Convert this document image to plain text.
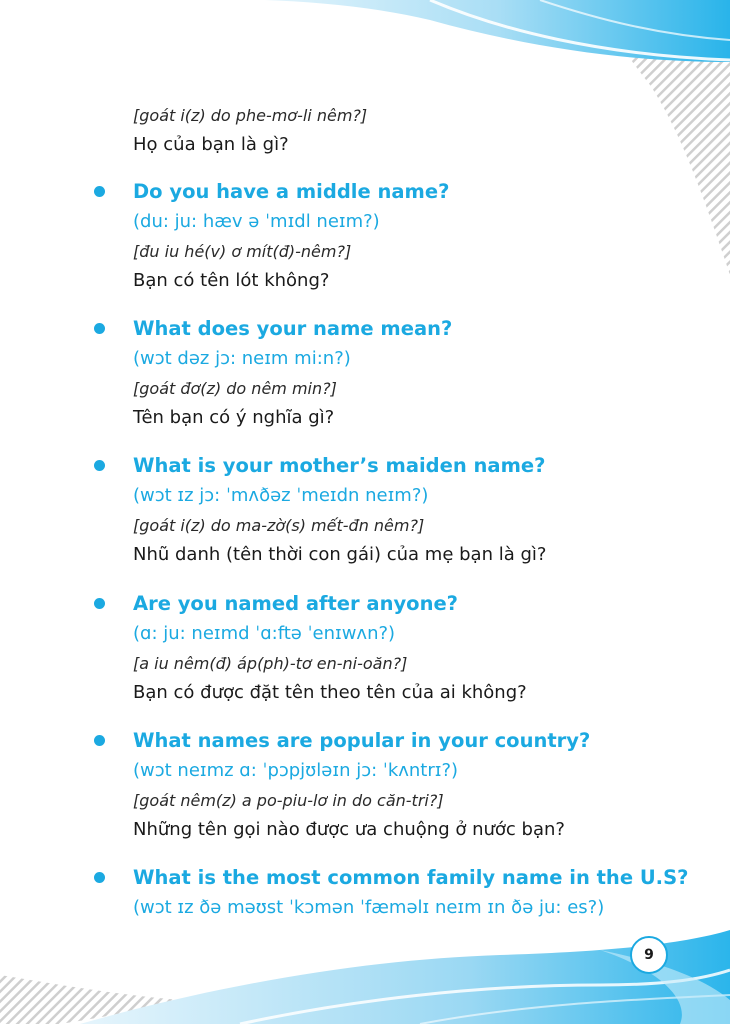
[goát i(z) do phe-mơ-li nêm?]
Họ của bạn là gì?
Do you have a middle name?
(du: ju: hæv ə ˈmɪdl neɪm?)
[đu iu hé(v) ơ mít(đ)-nêm?]
Bạn có tên lót không?
What does your name mean?
(wɔt dəz jɔ: neɪm mi:n?)
[goát đơ(z) do nêm min?]
Tên bạn có ý nghĩa gì?
What is your mother’s maiden name?
(wɔt ɪz jɔ: ˈmʌðəz ˈmeɪdn neɪm?)
[goát i(z) do ma-zờ(s) mết-đn nêm?]
Nhũ danh (tên thời con gái) của mẹ bạn là gì?
Are you named after anyone?
(ɑ: ju: neɪmd ˈɑ:ftə ˈenɪwʌn?)
[a iu nêm(đ) áp(ph)-tơ en-ni-oăn?]
Bạn có được đặt tên theo tên của ai không?
What names are popular in your country?
(wɔt neɪmz ɑ: ˈpɔpjʊləɪn jɔ: ˈkʌntrɪ?)
[goát nêm(z) a po-piu-lơ in do căn-tri?]
Những tên gọi nào được ưa chuộng ở nước bạn?
What is the most common family name in the U.S?
(wɔt ɪz ðə məʊst ˈkɔmən ˈfæməlɪ neɪm ɪn ðə ju: es?)
9
